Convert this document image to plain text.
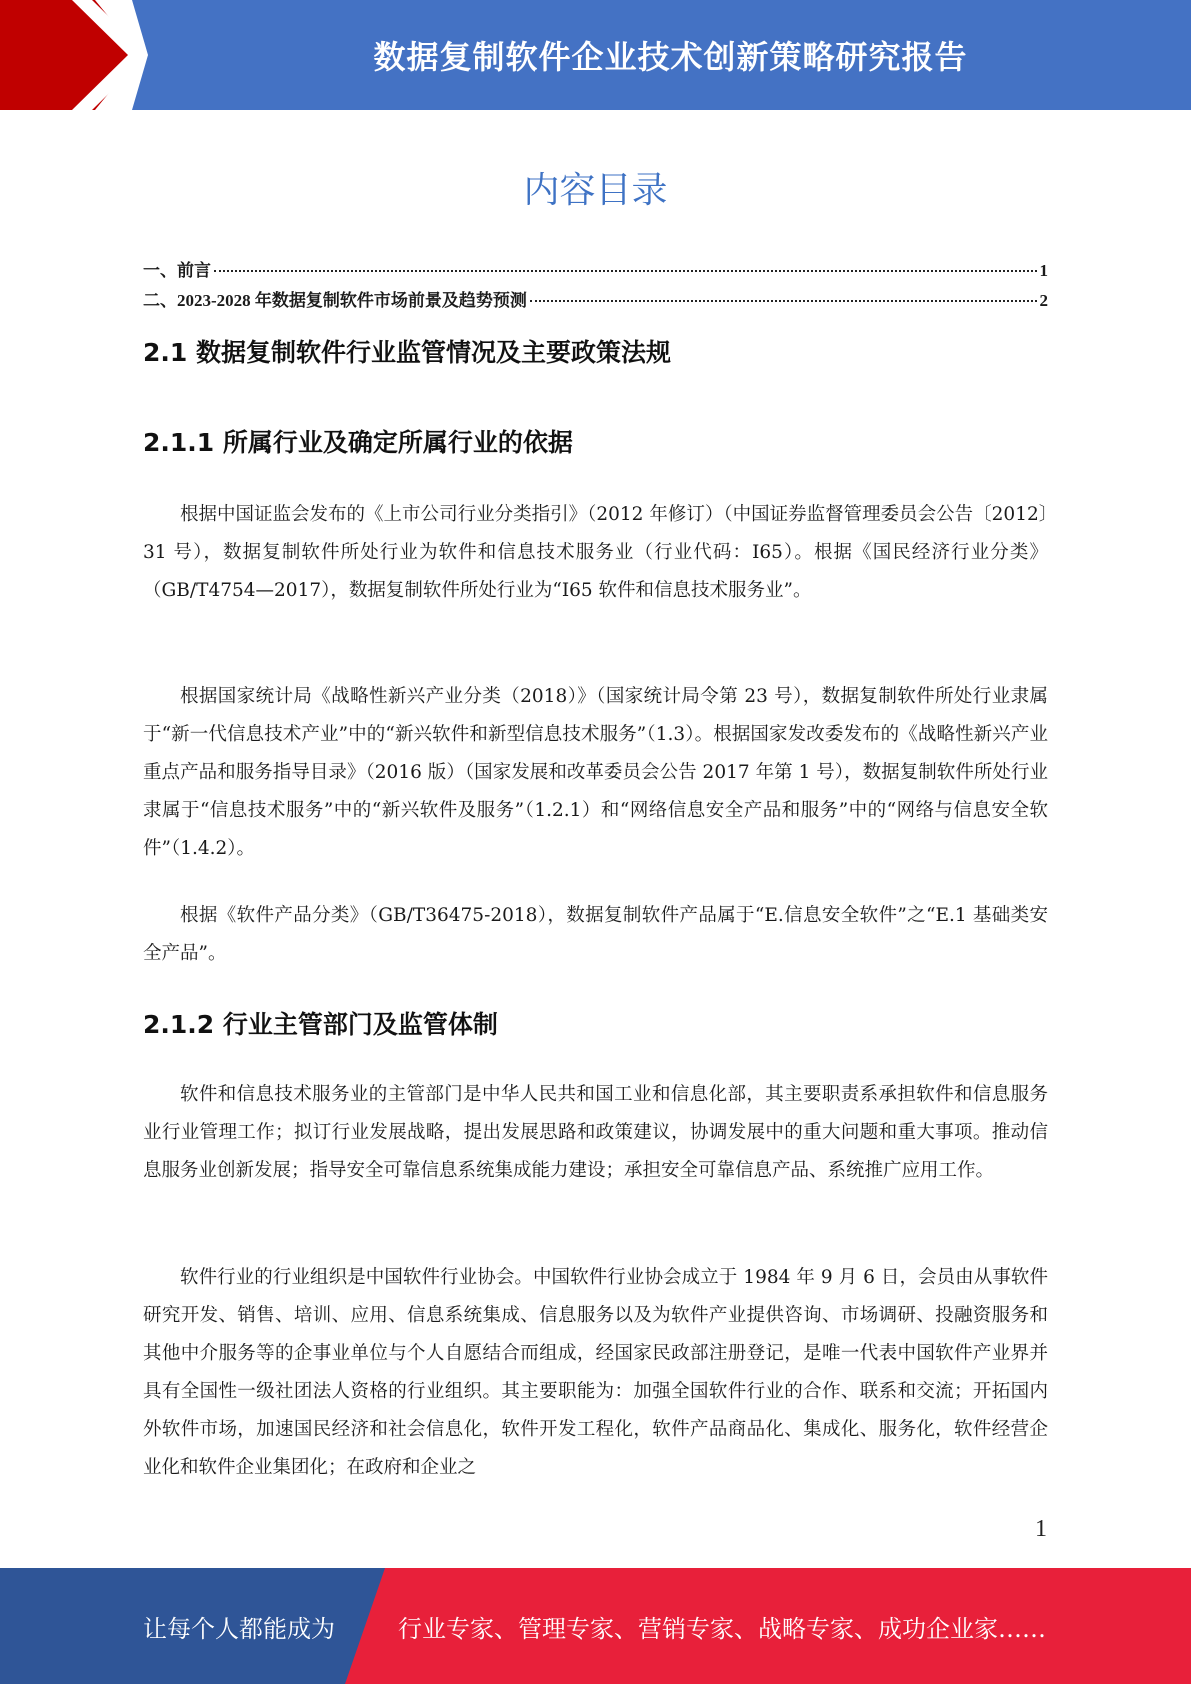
数据复制软件企业技术创新策略研究报告
内容目录
一、前言	1
二、2023-2028 年数据复制软件市场前景及趋势预测	2
2.1 数据复制软件行业监管情况及主要政策法规
2.1.1 所属行业及确定所属行业的依据

根据中国证监会发布的《上市公司行业分类指引》（2012 年修订）（中国证券监督管理委员会公告〔2012〕31 号），数据复制软件所处行业为软件和信息技术服务业（行业代码：I65）。根据《国民经济行业分类》（GB/T4754—2017），数据复制软件所处行业为“I65 软件和信息技术服务业”。

根据国家统计局《战略性新兴产业分类（2018）》（国家统计局令第 23 号），数据复制软件所处行业隶属于“新一代信息技术产业”中的“新兴软件和新型信息技术服务”（1.3）。根据国家发改委发布的《战略性新兴产业重点产品和服务指导目录》（2016 版）（国家发展和改革委员会公告 2017 年第 1 号），数据复制软件所处行业隶属于“信息技术服务”中的“新兴软件及服务”（1.2.1）和“网络信息安全产品和服务”中的“网络与信息安全软件”（1.4.2）。

根据《软件产品分类》（GB/T36475-2018），数据复制软件产品属于“E.信息安全软件”之“E.1 基础类安全产品”。

2.1.2 行业主管部门及监管体制

软件和信息技术服务业的主管部门是中华人民共和国工业和信息化部，其主要职责系承担软件和信息服务业行业管理工作；拟订行业发展战略，提出发展思路和政策建议，协调发展中的重大问题和重大事项。推动信息服务业创新发展；指导安全可靠信息系统集成能力建设；承担安全可靠信息产品、系统推广应用工作。

软件行业的行业组织是中国软件行业协会。中国软件行业协会成立于 1984 年 9 月 6 日，会员由从事软件研究开发、销售、培训、应用、信息系统集成、信息服务以及为软件产业提供咨询、市场调研、投融资服务和其他中介服务等的企事业单位与个人自愿结合而组成，经国家民政部注册登记，是唯一代表中国软件产业界并具有全国性一级社团法人资格的行业组织。其主要职能为：加强全国软件行业的合作、联系和交流；开拓国内外软件市场，加速国民经济和社会信息化，软件开发工程化，软件产品商品化、集成化、服务化，软件经营企业化和软件企业集团化；在政府和企业之

1
让每个人都能成为	行业专家、管理专家、营销专家、战略专家、成功企业家……
